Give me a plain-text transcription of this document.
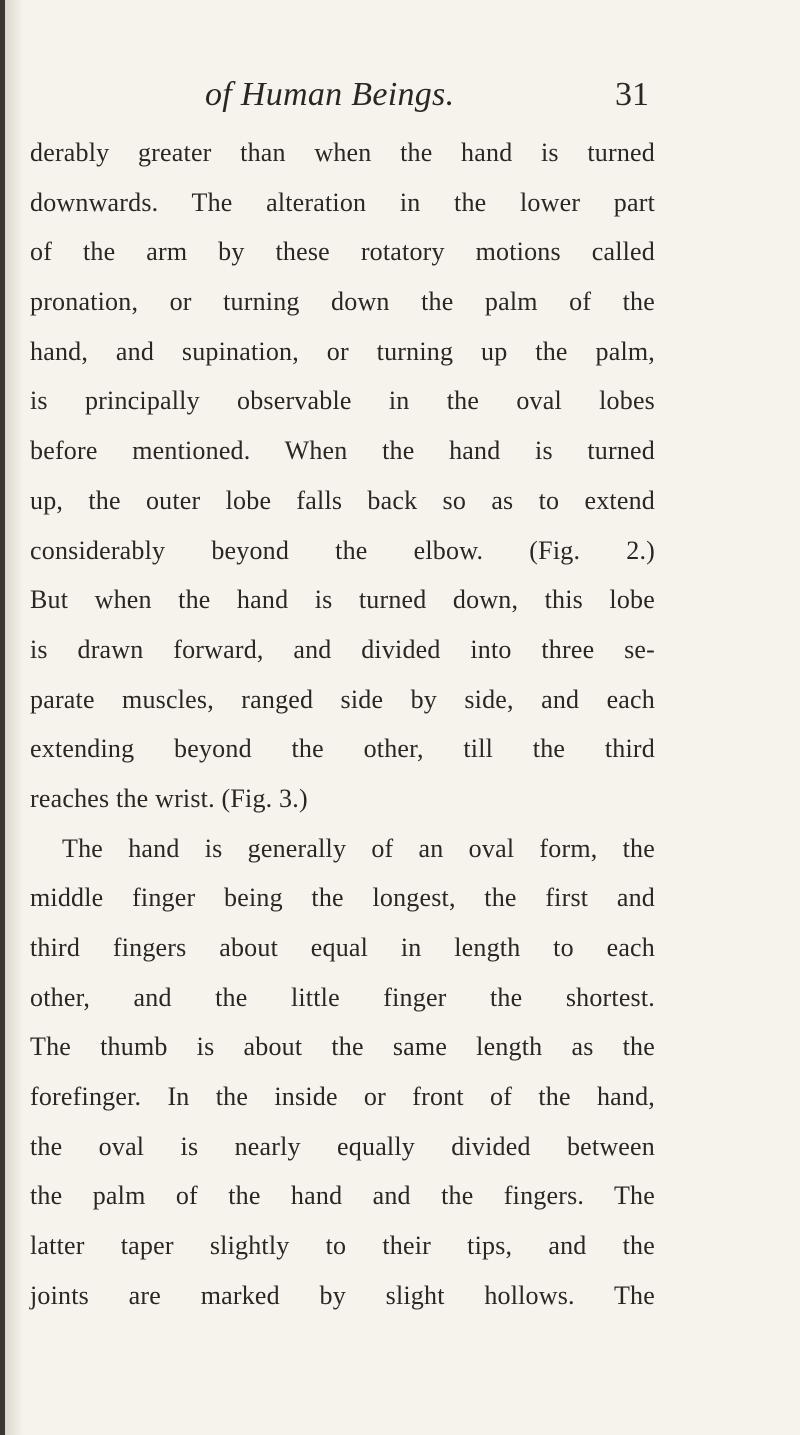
of Human Beings.	31
derably greater than when the hand is turned
downwards. The alteration in the lower part
of the arm by these rotatory motions called
pronation, or turning down the palm of the
hand, and supination, or turning up the palm,
is principally observable in the oval lobes
before mentioned. When the hand is turned
up, the outer lobe falls back so as to extend
considerably beyond the elbow. (Fig. 2.)
But when the hand is turned down, this lobe
is drawn forward, and divided into three se-
parate muscles, ranged side by side, and each
extending beyond the other, till the third
reaches the wrist. (Fig. 3.)
The hand is generally of an oval form, the
middle finger being the longest, the first and
third fingers about equal in length to each
other, and the little finger the shortest.
The thumb is about the same length as the
forefinger. In the inside or front of the hand,
the oval is nearly equally divided between
the palm of the hand and the fingers. The
latter taper slightly to their tips, and the
joints are marked by slight hollows. The
